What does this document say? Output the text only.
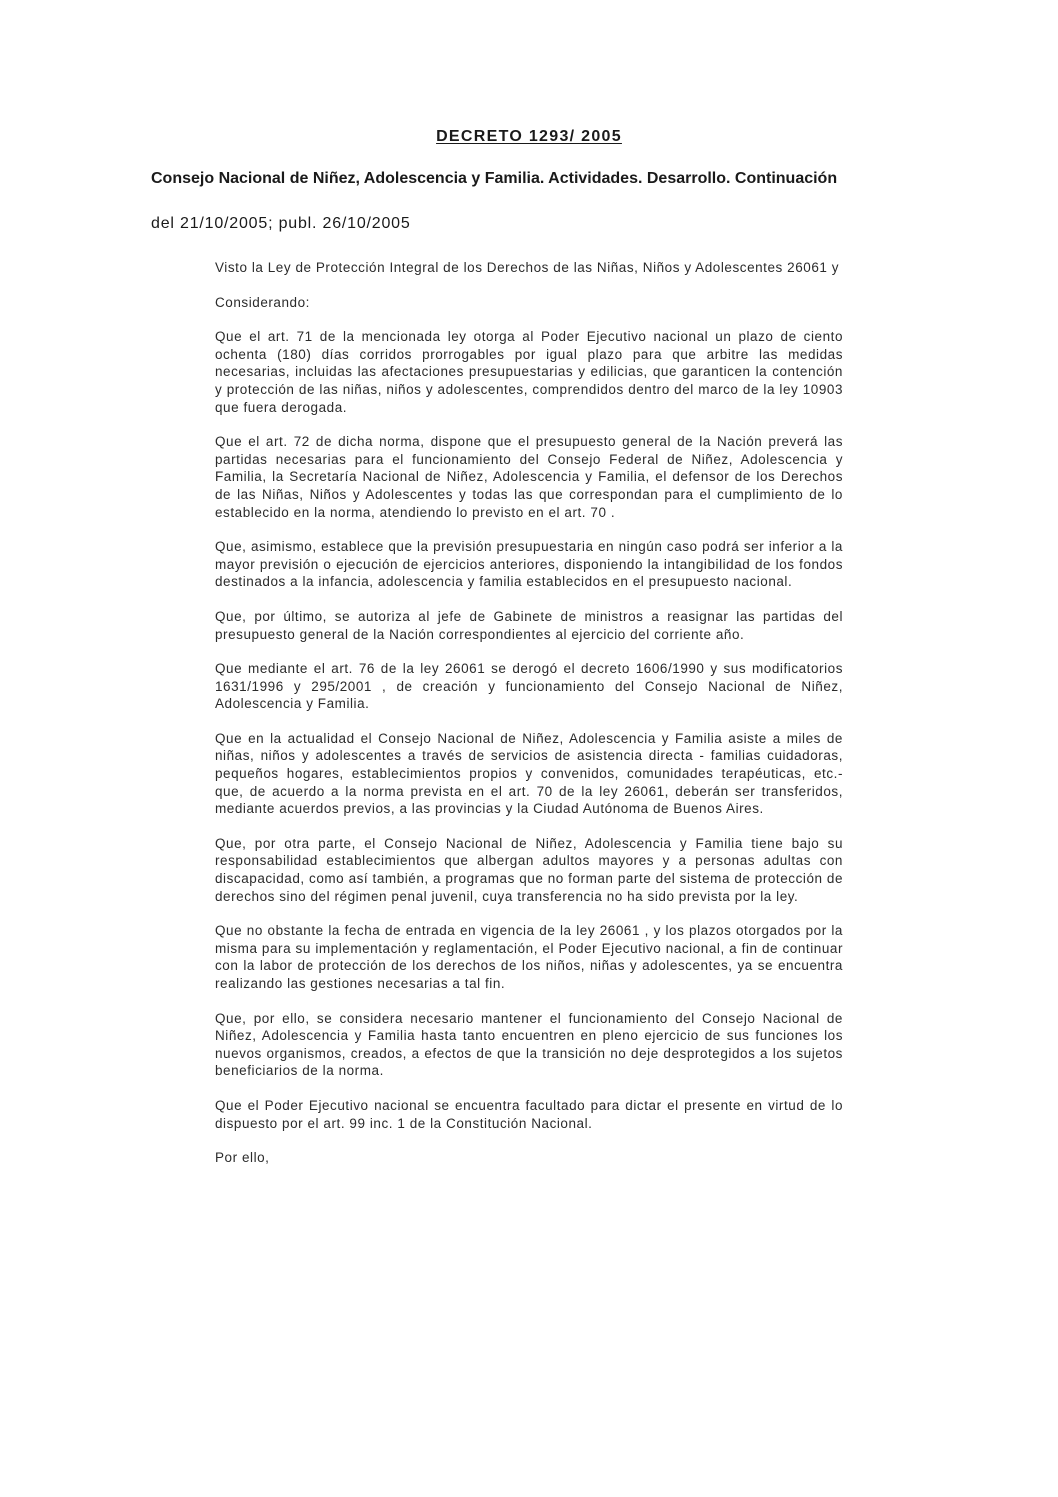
DECRETO 1293/ 2005
Consejo Nacional de Niñez, Adolescencia y Familia. Actividades. Desarrollo. Continuación

del 21/10/2005; publ. 26/10/2005

Visto la Ley de Protección Integral de los Derechos de las Niñas, Niños y Adolescentes 26061 y

Considerando:

Que el art. 71 de la mencionada ley otorga al Poder Ejecutivo nacional un plazo de ciento ochenta (180) días corridos prorrogables por igual plazo para que arbitre las medidas necesarias, incluidas las afectaciones presupuestarias y edilicias, que garanticen la contención y protección de las niñas, niños y adolescentes, comprendidos dentro del marco de la ley 10903 que fuera derogada.

Que el art. 72 de dicha norma, dispone que el presupuesto general de la Nación preverá las partidas necesarias para el funcionamiento del Consejo Federal de Niñez, Adolescencia y Familia, la Secretaría Nacional de Niñez, Adolescencia y Familia, el defensor de los Derechos de las Niñas, Niños y Adolescentes y todas las que correspondan para el cumplimiento de lo establecido en la norma, atendiendo lo previsto en el art. 70 .

Que, asimismo, establece que la previsión presupuestaria en ningún caso podrá ser inferior a la mayor previsión o ejecución de ejercicios anteriores, disponiendo la intangibilidad de los fondos destinados a la infancia, adolescencia y familia establecidos en el presupuesto nacional.

Que, por último, se autoriza al jefe de Gabinete de ministros a reasignar las partidas del presupuesto general de la Nación correspondientes al ejercicio del corriente año.

Que mediante el art. 76 de la ley 26061 se derogó el decreto 1606/1990 y sus modificatorios 1631/1996 y 295/2001 , de creación y funcionamiento del Consejo Nacional de Niñez, Adolescencia y Familia.

Que en la actualidad el Consejo Nacional de Niñez, Adolescencia y Familia asiste a miles de niñas, niños y adolescentes a través de servicios de asistencia directa - familias cuidadoras, pequeños hogares, establecimientos propios y convenidos, comunidades terapéuticas, etc.- que, de acuerdo a la norma prevista en el art. 70 de la ley 26061, deberán ser transferidos, mediante acuerdos previos, a las provincias y la Ciudad Autónoma de Buenos Aires.

Que, por otra parte, el Consejo Nacional de Niñez, Adolescencia y Familia tiene bajo su responsabilidad establecimientos que albergan adultos mayores y a personas adultas con discapacidad, como así también, a programas que no forman parte del sistema de protección de derechos sino del régimen penal juvenil, cuya transferencia no ha sido prevista por la ley.

Que no obstante la fecha de entrada en vigencia de la ley 26061 , y los plazos otorgados por la misma para su implementación y reglamentación, el Poder Ejecutivo nacional, a fin de continuar con la labor de protección de los derechos de los niños, niñas y adolescentes, ya se encuentra realizando las gestiones necesarias a tal fin.

Que, por ello, se considera necesario mantener el funcionamiento del Consejo Nacional de Niñez, Adolescencia y Familia hasta tanto encuentren en pleno ejercicio de sus funciones los nuevos organismos, creados, a efectos de que la transición no deje desprotegidos a los sujetos beneficiarios de la norma.

Que el Poder Ejecutivo nacional se encuentra facultado para dictar el presente en virtud de lo dispuesto por el art. 99 inc. 1 de la Constitución Nacional.

Por ello,
